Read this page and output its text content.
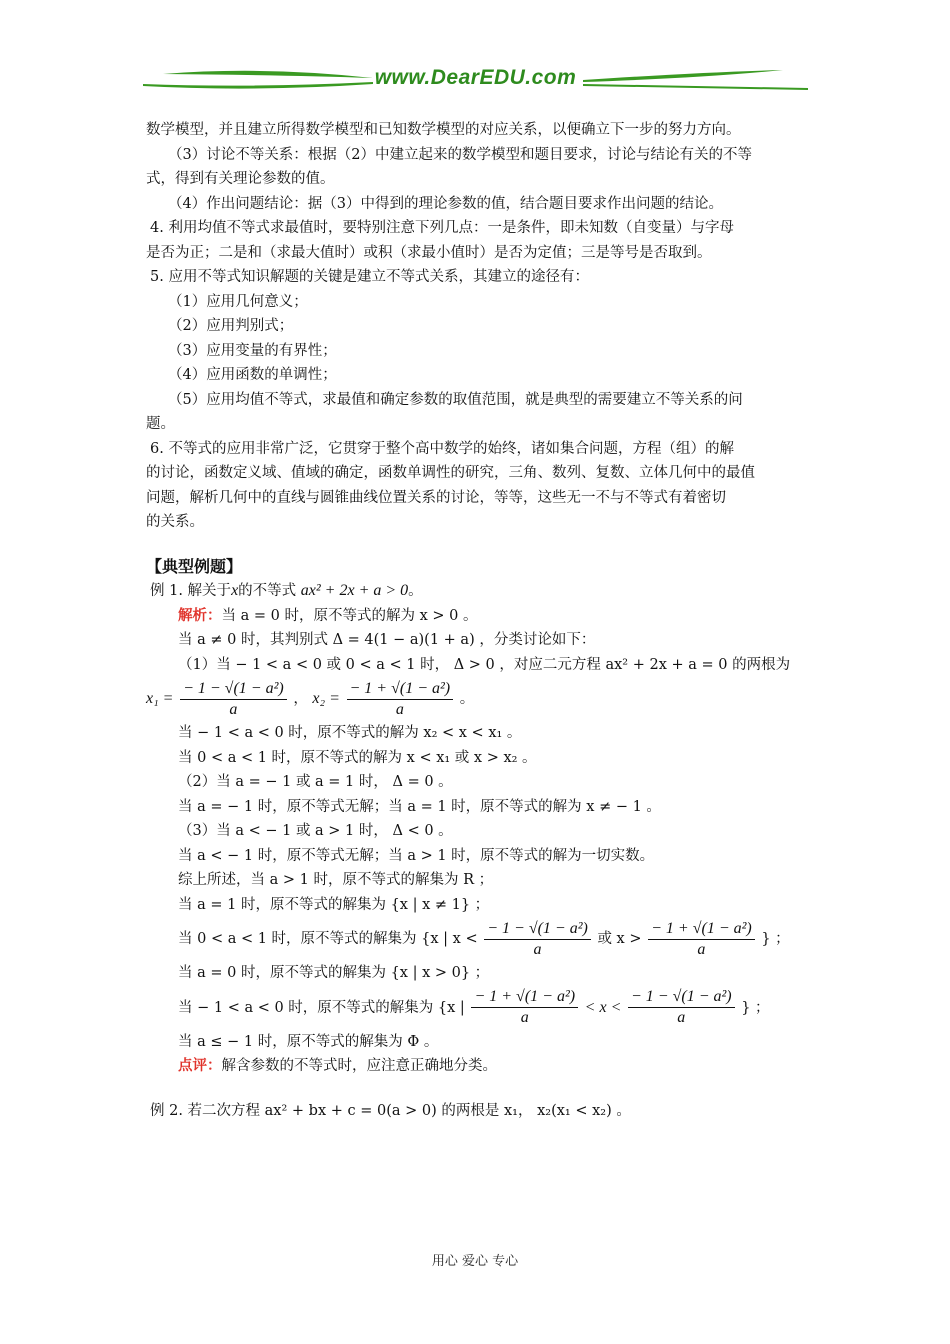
www.DearEDU.com

数学模型，并且建立所得数学模型和已知数学模型的对应关系，以便确立下一步的努力方向。

（3）讨论不等关系：根据（2）中建立起来的数学模型和题目要求，讨论与结论有关的不等

式，得到有关理论参数的值。

（4）作出问题结论：据（3）中得到的理论参数的值，结合题目要求作出问题的结论。

4. 利用均值不等式求最值时，要特别注意下列几点：一是条件，即未知数（自变量）与字母

是否为正；二是和（求最大值时）或积（求最小值时）是否为定值；三是等号是否取到。

5. 应用不等式知识解题的关键是建立不等式关系，其建立的途径有：

（1）应用几何意义；

（2）应用判别式；

（3）应用变量的有界性；

（4）应用函数的单调性；

（5）应用均值不等式，求最值和确定参数的取值范围，就是典型的需要建立不等关系的问

题。

6. 不等式的应用非常广泛，它贯穿于整个高中数学的始终，诸如集合问题，方程（组）的解

的讨论，函数定义域、值域的确定，函数单调性的研究，三角、数列、复数、立体几何中的最值

问题，解析几何中的直线与圆锥曲线位置关系的讨论，等等，这些无一不与不等式有着密切

的关系。

【典型例题】

例 1. 解关于x的不等式 ax² + 2x + a > 0。

解析：当 a = 0 时，原不等式的解为 x > 0 。

当 a ≠ 0 时，其判别式 Δ = 4(1 − a)(1 + a) ，分类讨论如下：

（1）当 − 1 < a < 0 或 0 < a < 1 时， Δ > 0 ，对应二元方程 ax² + 2x + a = 0 的两根为

$x_1 = \frac{\text{− 1 − √(1 − a²)}}{a}$ ， $x_2 = \frac{\text{− 1 + √(1 − a²)}}{a}$ 。

当 − 1 < a < 0 时，原不等式的解为 x₂ < x < x₁ 。

当 0 < a < 1 时，原不等式的解为 x < x₁ 或 x > x₂ 。

（2）当 a = − 1 或 a = 1 时， Δ = 0 。

当 a = − 1 时，原不等式无解；当 a = 1 时，原不等式的解为 x ≠ − 1 。

（3）当 a < − 1 或 a > 1 时， Δ < 0 。

当 a < − 1 时，原不等式无解；当 a > 1 时，原不等式的解为一切实数。

综上所述，当 a > 1 时，原不等式的解集为 R ；

当 a = 1 时，原不等式的解集为 {x | x ≠ 1} ；

当 0 < a < 1 时，原不等式的解集为 {x | $x < \frac{\text{− 1 − √(1 − a²)}}{a}$ 或 $x > \frac{\text{− 1 + √(1 − a²)}}{a}$ } ；

当 a = 0 时，原不等式的解集为 {x | x > 0} ；

当 − 1 < a < 0 时，原不等式的解集为 {x | $\frac{\text{− 1 + √(1 − a²)}}{a} < x < \frac{\text{− 1 − √(1 − a²)}}{a}$ } ；

当 a ≤ − 1 时，原不等式的解集为 Φ 。

点评：解含参数的不等式时，应注意正确地分类。

例 2. 若二次方程 ax² + bx + c = 0(a > 0) 的两根是 x₁， x₂(x₁ < x₂) 。

用心 爱心 专心
